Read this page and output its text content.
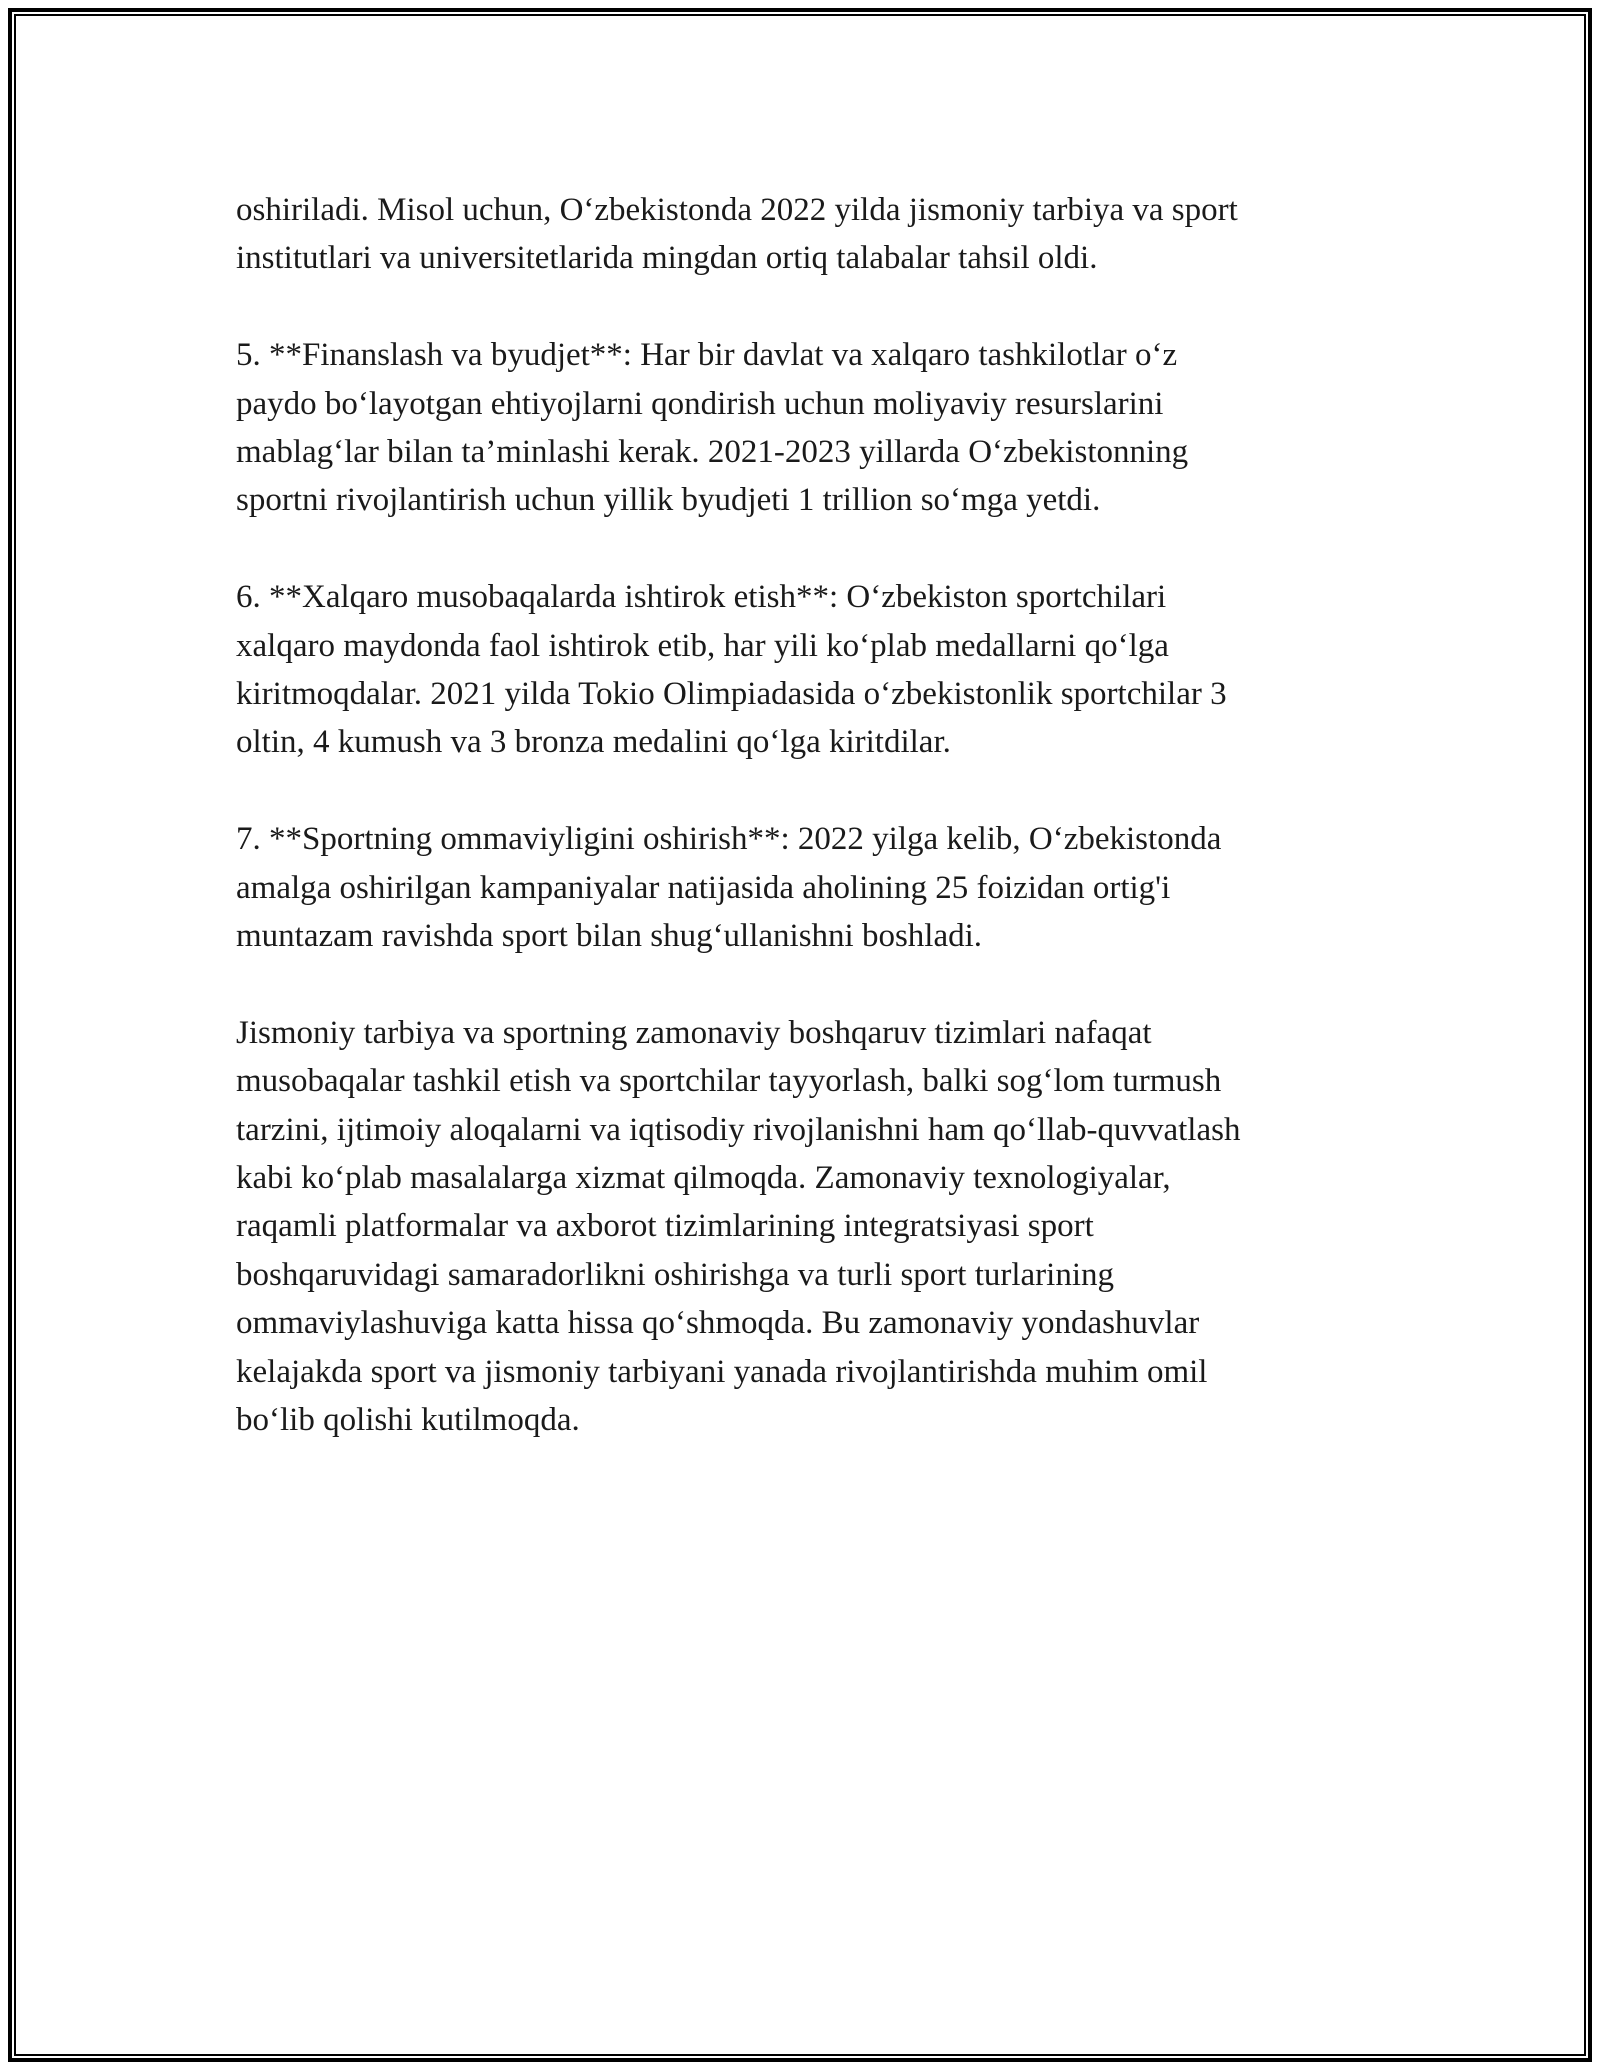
oshiriladi. Misol uchun, O‘zbekistonda 2022 yilda jismoniy tarbiya va sport
institutlari va universitetlarida mingdan ortiq talabalar tahsil oldi.

5. **Finanslash va byudjet**: Har bir davlat va xalqaro tashkilotlar o‘z
paydo bo‘layotgan ehtiyojlarni qondirish uchun moliyaviy resurslarini
mablag‘lar bilan ta’minlashi kerak. 2021-2023 yillarda O‘zbekistonning
sportni rivojlantirish uchun yillik byudjeti 1 trillion so‘mga yetdi.

6. **Xalqaro musobaqalarda ishtirok etish**: O‘zbekiston sportchilari
xalqaro maydonda faol ishtirok etib, har yili ko‘plab medallarni qo‘lga
kiritmoqdalar. 2021 yilda Tokio Olimpiadasida o‘zbekistonlik sportchilar 3
oltin, 4 kumush va 3 bronza medalini qo‘lga kiritdilar.

7. **Sportning ommaviyligini oshirish**: 2022 yilga kelib, O‘zbekistonda
amalga oshirilgan kampaniyalar natijasida aholining 25 foizidan ortig'i
muntazam ravishda sport bilan shug‘ullanishni boshladi.

Jismoniy tarbiya va sportning zamonaviy boshqaruv tizimlari nafaqat
musobaqalar tashkil etish va sportchilar tayyorlash, balki sog‘lom turmush
tarzini, ijtimoiy aloqalarni va iqtisodiy rivojlanishni ham qo‘llab-quvvatlash
kabi ko‘plab masalalarga xizmat qilmoqda. Zamonaviy texnologiyalar,
raqamli platformalar va axborot tizimlarining integratsiyasi sport
boshqaruvidagi samaradorlikni oshirishga va turli sport turlarining
ommaviylashuviga katta hissa qo‘shmoqda. Bu zamonaviy yondashuvlar
kelajakda sport va jismoniy tarbiyani yanada rivojlantirishda muhim omil
bo‘lib qolishi kutilmoqda.
